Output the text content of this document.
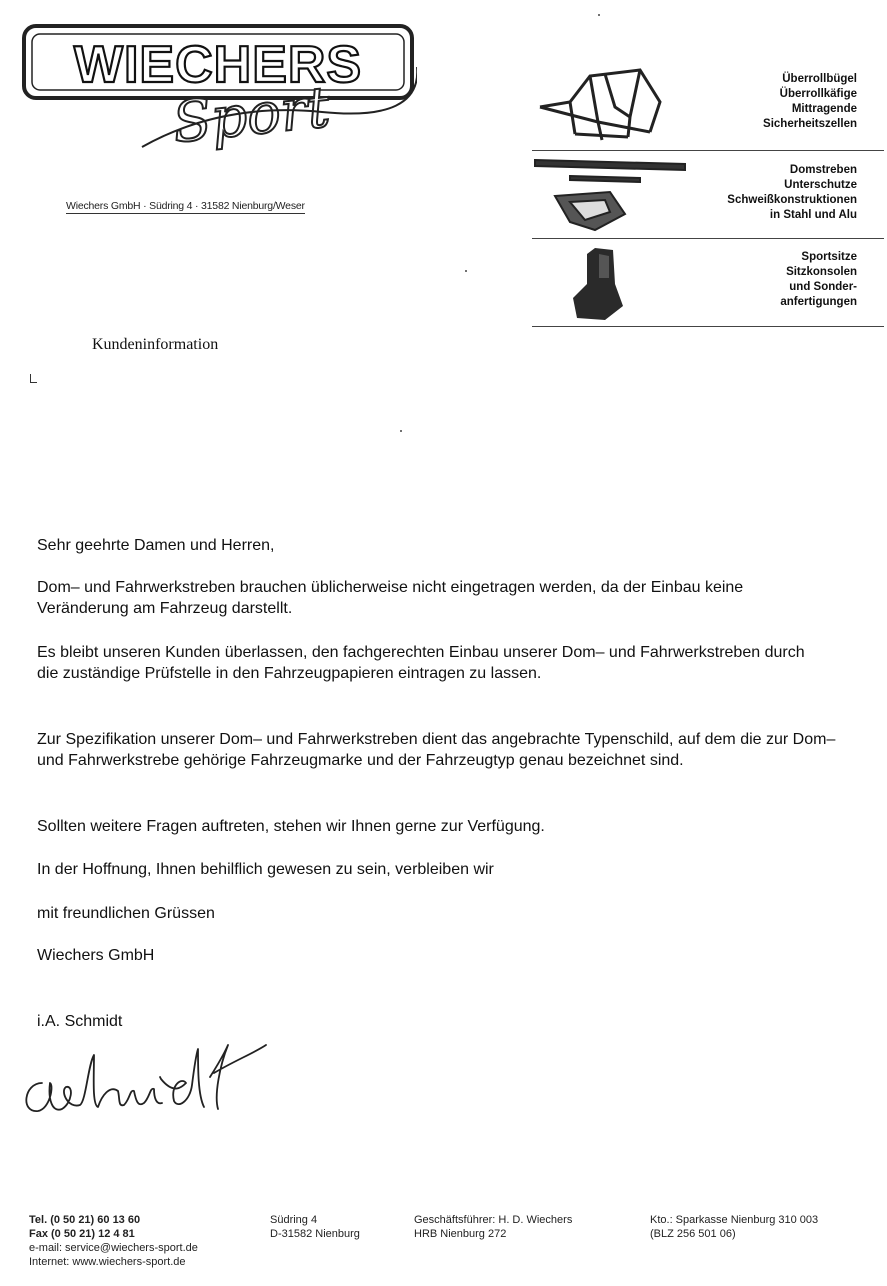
WIECHERS
Sport
Wiechers GmbH · Südring 4 · 31582 Nienburg/Weser
Überrollbügel
Überrollkäfige
Mittragende
Sicherheitszellen
Domstreben
Unterschutze
Schweißkonstruktionen
in Stahl und Alu
Sportsitze
Sitzkonsolen
und Sonder-
anfertigungen
Kundeninformation
Sehr geehrte Damen und Herren,
Dom– und Fahrwerkstreben brauchen üblicherweise nicht eingetragen werden, da der Einbau keine Veränderung am Fahrzeug darstellt.
Es bleibt unseren Kunden überlassen, den fachgerechten Einbau unserer Dom– und Fahrwerkstreben durch die zuständige Prüfstelle in den Fahrzeugpapieren eintragen zu lassen.
Zur Spezifikation unserer Dom– und Fahrwerkstreben dient das angebrachte Typenschild, auf dem die zur Dom– und Fahrwerkstrebe gehörige Fahrzeugmarke und der Fahrzeugtyp genau bezeichnet sind.
Sollten weitere Fragen auftreten, stehen wir Ihnen gerne zur Verfügung.
In der Hoffnung, Ihnen behilflich gewesen zu sein, verbleiben wir
mit freundlichen Grüssen
Wiechers GmbH
i.A. Schmidt
Tel. (0 50 21) 60 13 60
Fax (0 50 21) 12 4 81
e-mail: service@wiechers-sport.de
Internet: www.wiechers-sport.de
Südring 4
D-31582 Nienburg
Geschäftsführer: H. D. Wiechers
HRB Nienburg 272
Kto.: Sparkasse Nienburg 310 003
(BLZ 256 501 06)
